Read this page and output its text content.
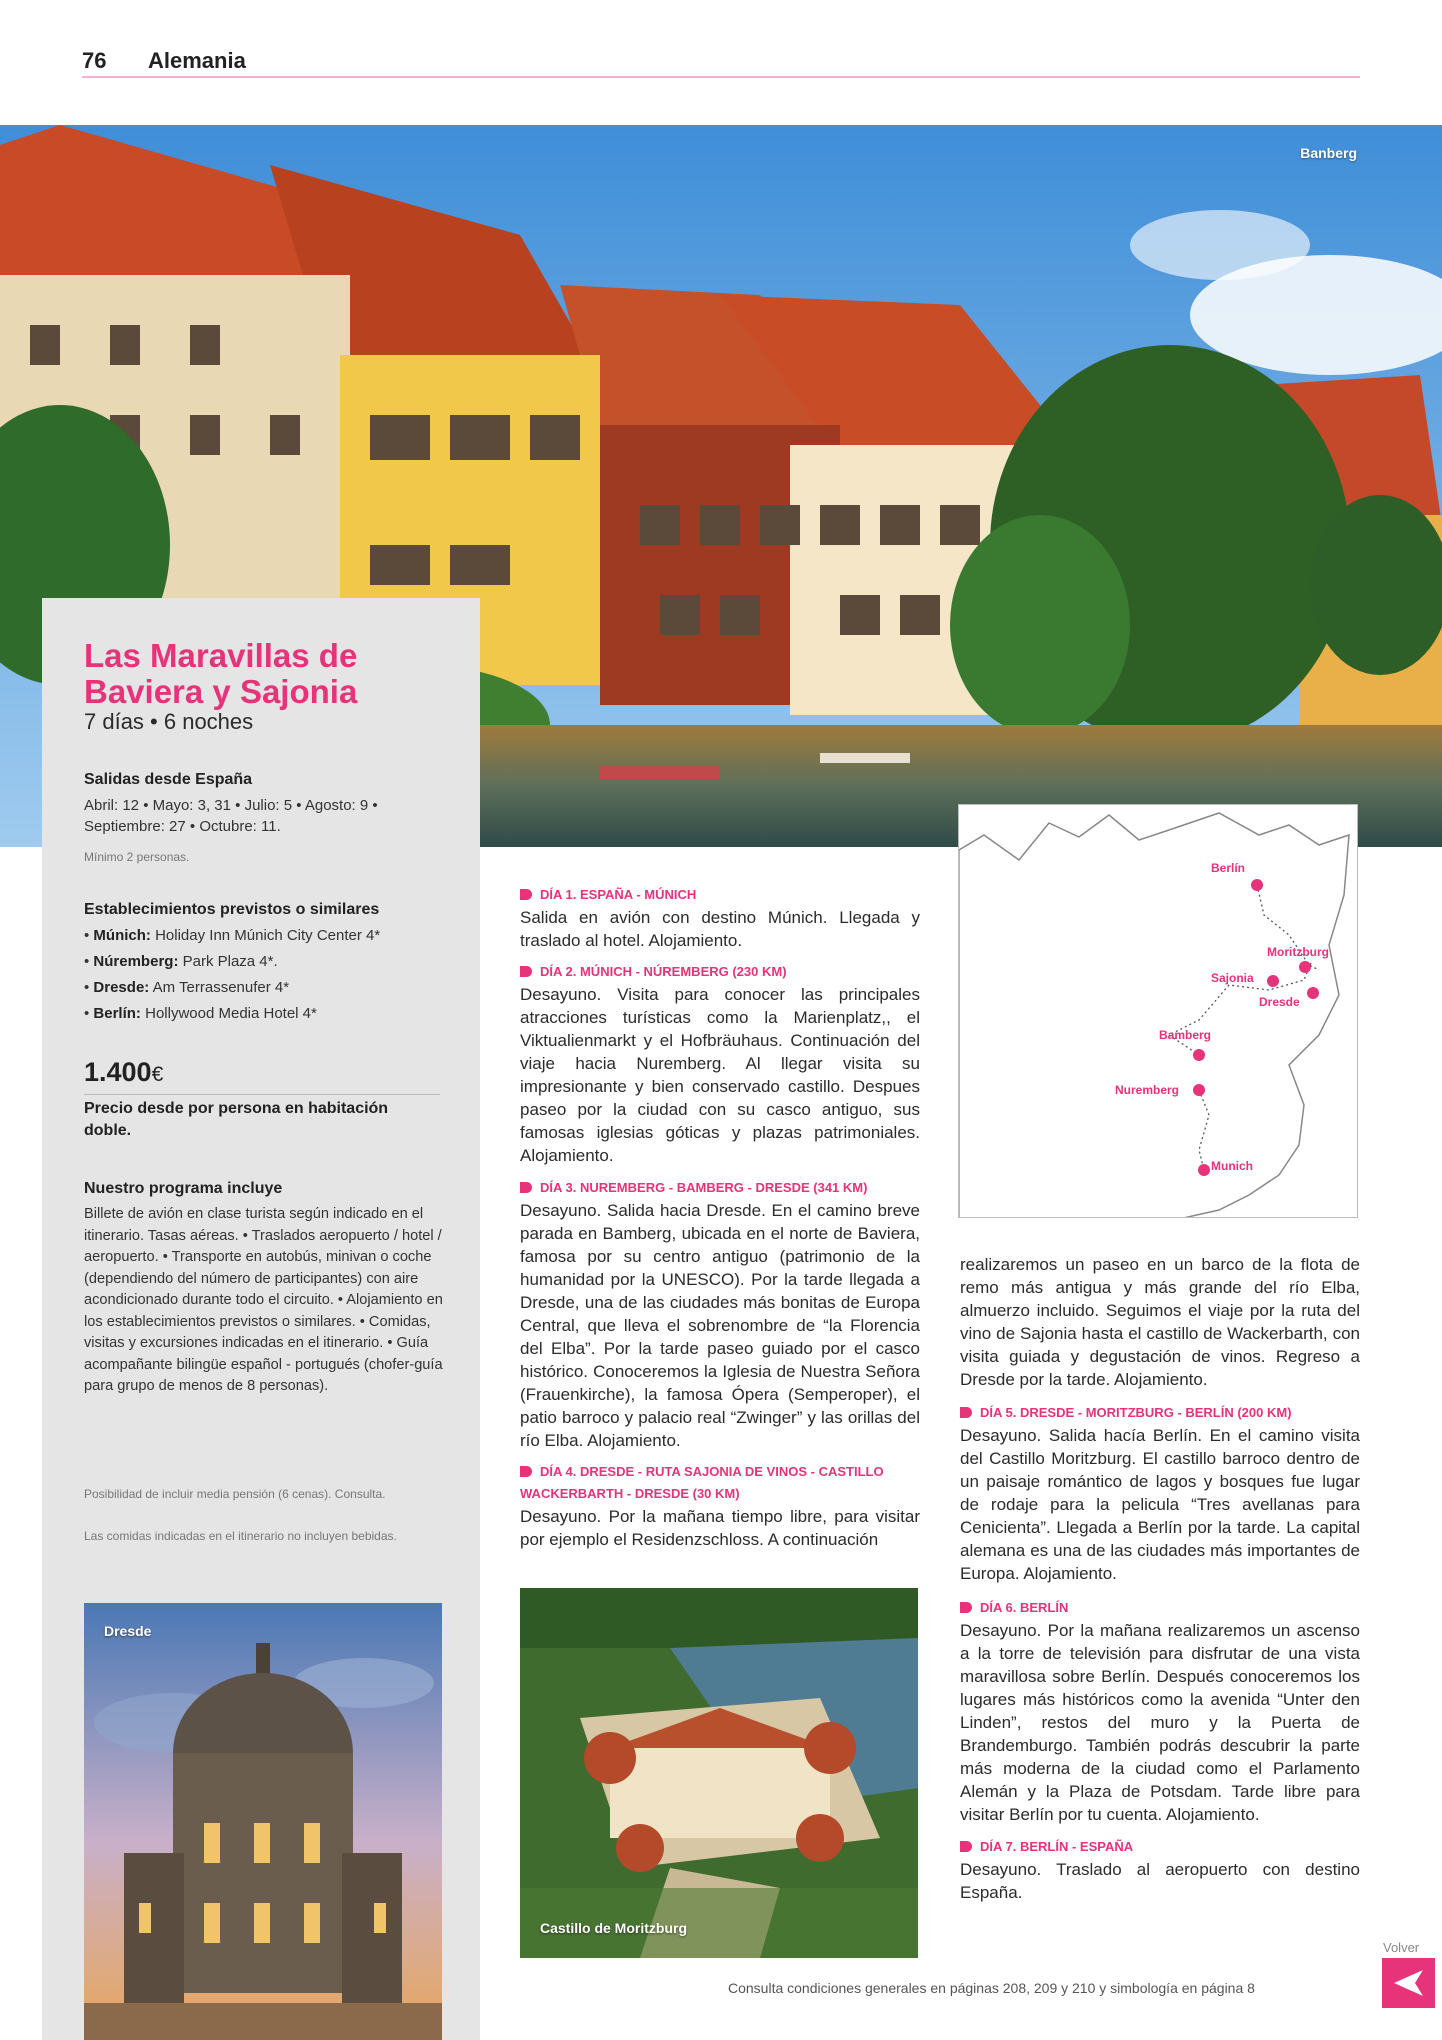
76 Alemania
Banberg
Las Maravillas de Baviera y Sajonia
7 días • 6 noches
Salidas desde España
Abril: 12 • Mayo: 3, 31 • Julio: 5 • Agosto: 9 • Septiembre: 27 • Octubre: 11.
Mínimo 2 personas.
Establecimientos previstos o similares
• Múnich: Holiday Inn Múnich City Center 4*
• Núremberg: Park Plaza 4*.
• Dresde: Am Terrassenufer 4*
• Berlín: Hollywood Media Hotel 4*
1.400€
Precio desde por persona en habitación doble.
Nuestro programa incluye
Billete de avión en clase turista según indicado en el itinerario. Tasas aéreas. • Traslados aeropuerto / hotel / aeropuerto. • Transporte en autobús, minivan o coche (dependiendo del número de participantes) con aire acondicionado durante todo el circuito. • Alojamiento en los establecimientos previstos o similares. • Comidas, visitas y excursiones indicadas en el itinerario. • Guía acompañante bilingüe español - portugués (chofer-guía para grupo de menos de 8 personas).
Posibilidad de incluir media pensión (6 cenas). Consulta.
Las comidas indicadas en el itinerario no incluyen bebidas.
Dresde
DÍA 1. ESPAÑA - MÚNICH
Salida en avión con destino Múnich. Llegada y traslado al hotel. Alojamiento.
DÍA 2. MÚNICH - NÚREMBERG (230 KM)
Desayuno. Visita para conocer las principales atracciones turísticas como la Marienplatz,, el Viktualienmarkt y el Hofbräuhaus. Continuación del viaje hacia Nuremberg. Al llegar visita su impresionante y bien conservado castillo. Despues paseo por la ciudad con su casco antiguo, sus famosas iglesias góticas y plazas patrimoniales. Alojamiento.
DÍA 3. NUREMBERG - BAMBERG - DRESDE (341 KM)
Desayuno. Salida hacia Dresde. En el camino breve parada en Bamberg, ubicada en el norte de Baviera, famosa por su centro antiguo (patrimonio de la humanidad por la UNESCO). Por la tarde llegada a Dresde, una de las ciudades más bonitas de Europa Central, que lleva el sobrenombre de “la Florencia del Elba”. Por la tarde paseo guiado por el casco histórico. Conoceremos la Iglesia de Nuestra Señora (Frauenkirche), la famosa Ópera (Semperoper), el patio barroco y palacio real “Zwinger” y las orillas del río Elba. Alojamiento.
DÍA 4. DRESDE - RUTA SAJONIA DE VINOS - CASTILLO WACKERBARTH - DRESDE (30 KM)
Desayuno. Por la mañana tiempo libre, para visitar por ejemplo el Residenzschloss. A continuación
Castillo de Moritzburg
Berlín
Moritzburg
Sajonia
Dresde
Bamberg
Nuremberg
Munich
realizaremos un paseo en un barco de la flota de remo más antigua y más grande del río Elba, almuerzo incluido. Seguimos el viaje por la ruta del vino de Sajonia hasta el castillo de Wackerbarth, con visita guiada y degustación de vinos. Regreso a Dresde por la tarde. Alojamiento.
DÍA 5. DRESDE - MORITZBURG - BERLÍN (200 KM)
Desayuno. Salida hacía Berlín. En el camino visita del Castillo Moritzburg. El castillo barroco dentro de un paisaje romántico de lagos y bosques fue lugar de rodaje para la pelicula “Tres avellanas para Cenicienta”. Llegada a Berlín por la tarde. La capital alemana es una de las ciudades más importantes de Europa. Alojamiento.
DÍA 6. BERLÍN
Desayuno. Por la mañana realizaremos un ascenso a la torre de televisión para disfrutar de una vista maravillosa sobre Berlín. Después conoceremos los lugares más históricos como la avenida “Unter den Linden”, restos del muro y la Puerta de Brandemburgo. También podrás descubrir la parte más moderna de la ciudad como el Parlamento Alemán y la Plaza de Potsdam. Tarde libre para visitar Berlín por tu cuenta. Alojamiento.
DÍA 7. BERLÍN - ESPAÑA
Desayuno. Traslado al aeropuerto con destino España.
Consulta condiciones generales en páginas 208, 209 y 210 y simbología en página 8
Volver
